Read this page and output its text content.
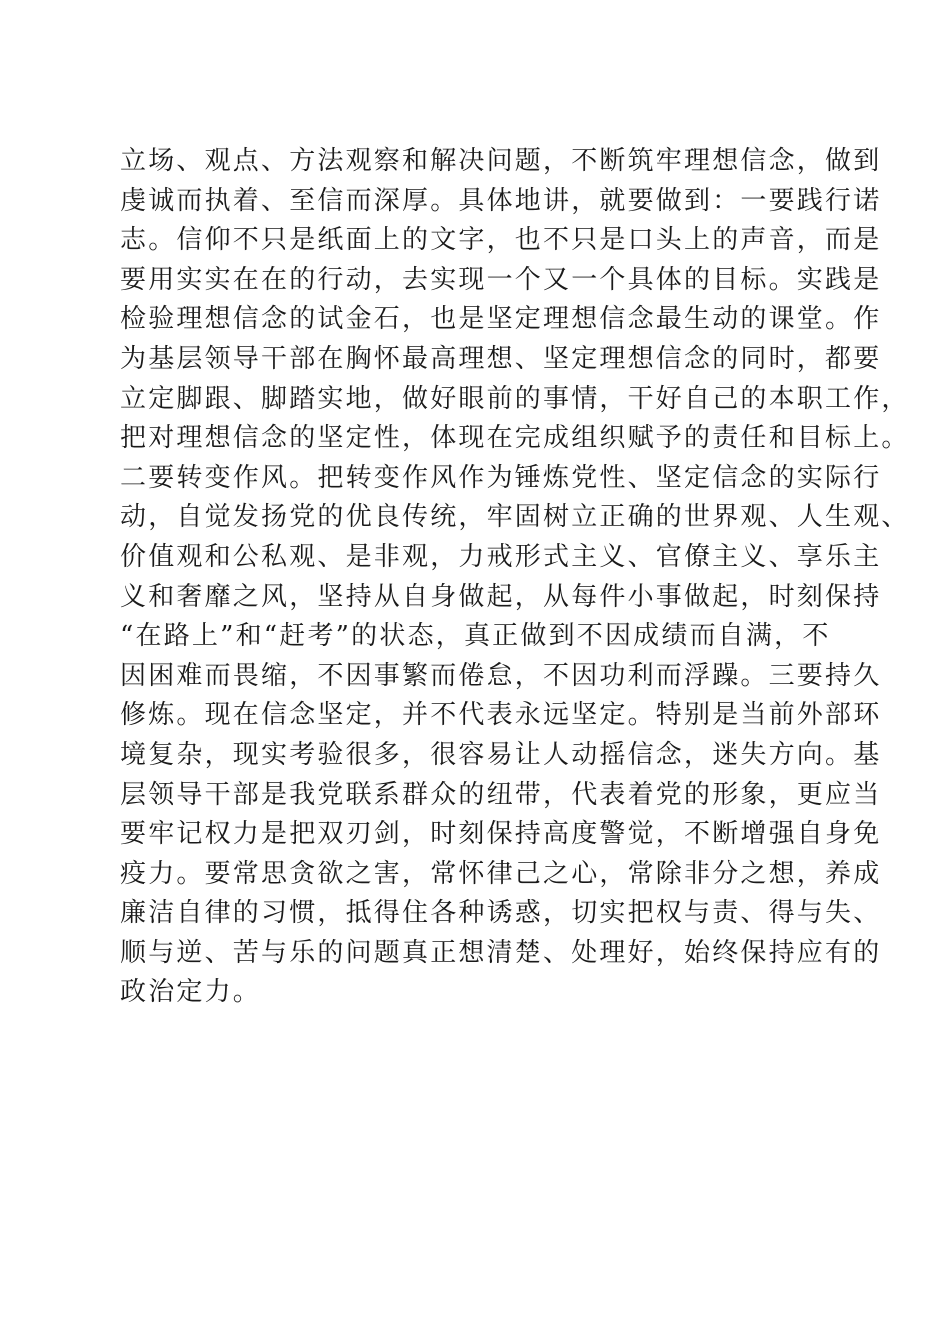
立场、观点、方法观察和解决问题，不断筑牢理想信念，做到
虔诚而执着、至信而深厚。具体地讲，就要做到：一要践行诺
志。信仰不只是纸面上的文字，也不只是口头上的声音，而是
要用实实在在的行动，去实现一个又一个具体的目标。实践是
检验理想信念的试金石，也是坚定理想信念最生动的课堂。作
为基层领导干部在胸怀最高理想、坚定理想信念的同时，都要
立定脚跟、脚踏实地，做好眼前的事情，干好自己的本职工作，
把对理想信念的坚定性，体现在完成组织赋予的责任和目标上。
二要转变作风。把转变作风作为锤炼党性、坚定信念的实际行
动，自觉发扬党的优良传统，牢固树立正确的世界观、人生观、
价值观和公私观、是非观，力戒形式主义、官僚主义、享乐主
义和奢靡之风，坚持从自身做起，从每件小事做起，时刻保持
“在路上”和“赶考”的状态，真正做到不因成绩而自满，不
因困难而畏缩，不因事繁而倦怠，不因功利而浮躁。三要持久
修炼。现在信念坚定，并不代表永远坚定。特别是当前外部环
境复杂，现实考验很多，很容易让人动摇信念，迷失方向。基
层领导干部是我党联系群众的纽带，代表着党的形象，更应当
要牢记权力是把双刃剑，时刻保持高度警觉，不断增强自身免
疫力。要常思贪欲之害，常怀律己之心，常除非分之想，养成
廉洁自律的习惯，抵得住各种诱惑，切实把权与责、得与失、
顺与逆、苦与乐的问题真正想清楚、处理好，始终保持应有的
政治定力。
